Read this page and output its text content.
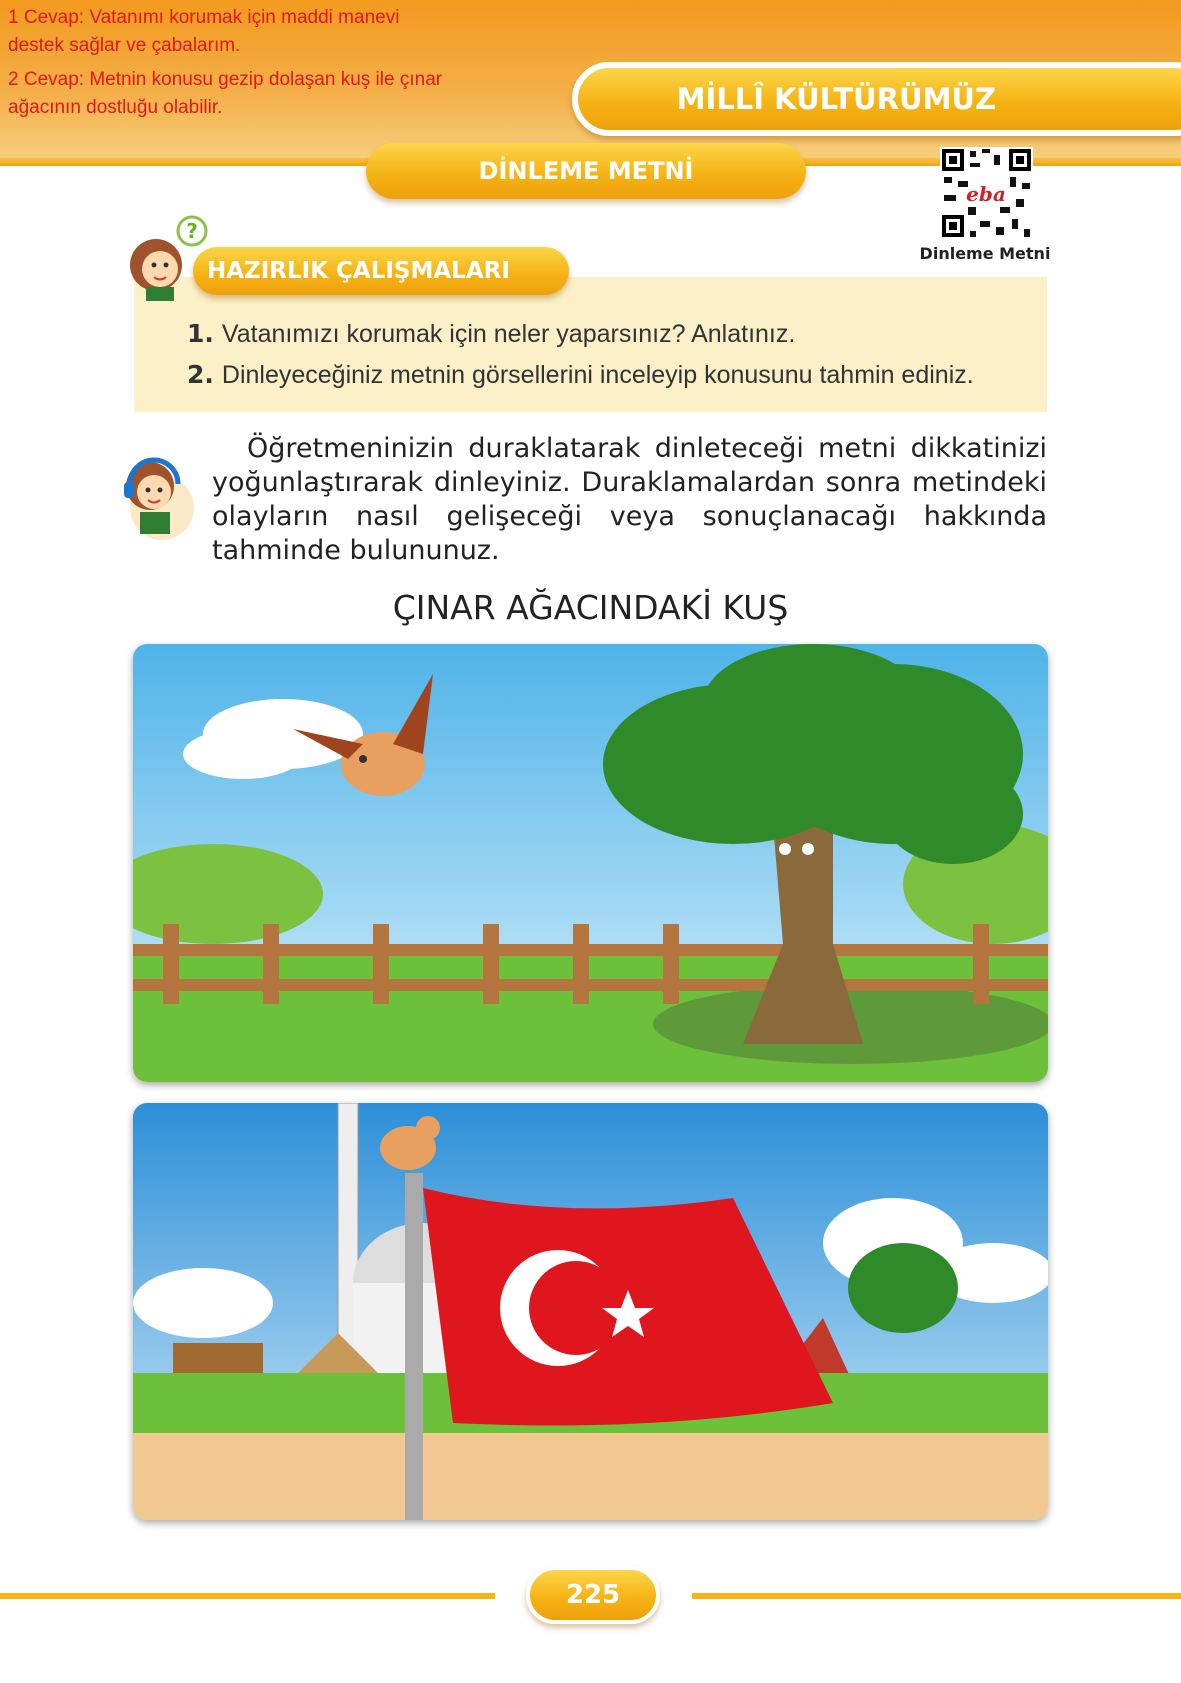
1 Cevap: Vatanımı korumak için maddi manevi
destek sağlar ve çabalarım.
2 Cevap: Metnin konusu gezip dolaşan kuş ile çınar
ağacının dostluğu olabilir.	MİLLÎ KÜLTÜRÜMÜZ
DİNLEME METNİ
eba
Dinleme Metni
HAZIRLIK ÇALIŞMALARI
?
1. Vatanımızı korumak için neler yaparsınız? Anlatınız.
2. Dinleyeceğiniz metnin görsellerini inceleyip konusunu tahmin ediniz.
Öğretmeninizin duraklatarak dinleteceği metni dikkatinizi yoğunlaştırarak dinleyiniz. Duraklamalardan sonra metindeki olayların nasıl gelişeceği veya sonuçlanacağı hakkında tahminde bulununuz.
ÇINAR AĞACINDAKİ KUŞ
225
